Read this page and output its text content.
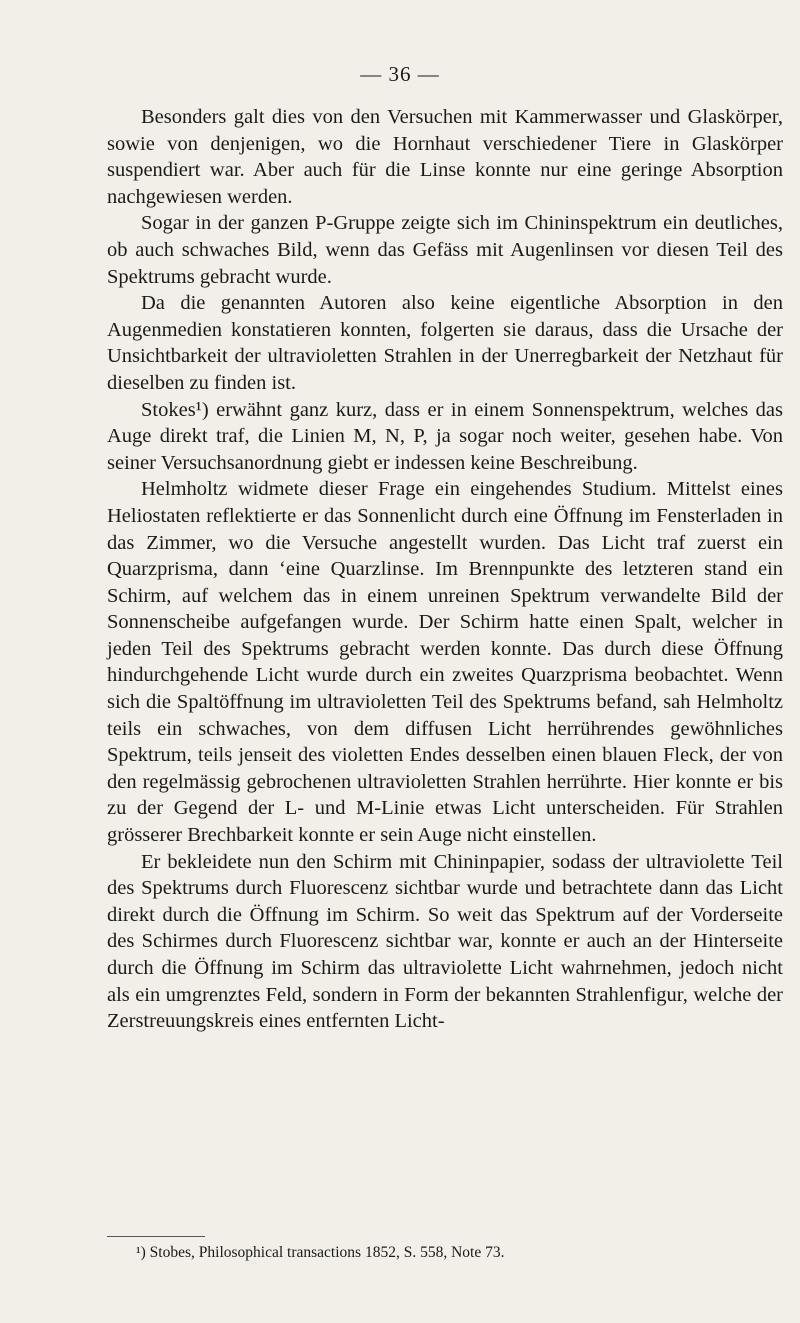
— 36 —

Besonders galt dies von den Versuchen mit Kammerwasser und Glaskörper, sowie von denjenigen, wo die Hornhaut verschiedener Tiere in Glaskörper suspendiert war. Aber auch für die Linse konnte nur eine geringe Absorption nachgewiesen werden.

Sogar in der ganzen P-Gruppe zeigte sich im Chininspektrum ein deutliches, ob auch schwaches Bild, wenn das Gefäss mit Augenlinsen vor diesen Teil des Spektrums gebracht wurde.

Da die genannten Autoren also keine eigentliche Absorption in den Augenmedien konstatieren konnten, folgerten sie daraus, dass die Ursache der Unsichtbarkeit der ultravioletten Strahlen in der Unerregbarkeit der Netzhaut für dieselben zu finden ist.

Stokes¹) erwähnt ganz kurz, dass er in einem Sonnenspektrum, welches das Auge direkt traf, die Linien M, N, P, ja sogar noch weiter, gesehen habe. Von seiner Versuchsanordnung giebt er indessen keine Beschreibung.

Helmholtz widmete dieser Frage ein eingehendes Studium. Mittelst eines Heliostaten reflektierte er das Sonnenlicht durch eine Öffnung im Fensterladen in das Zimmer, wo die Versuche angestellt wurden. Das Licht traf zuerst ein Quarzprisma, dann ‘eine Quarzlinse. Im Brennpunkte des letzteren stand ein Schirm, auf welchem das in einem unreinen Spektrum verwandelte Bild der Sonnenscheibe aufgefangen wurde. Der Schirm hatte einen Spalt, welcher in jeden Teil des Spektrums gebracht werden konnte. Das durch diese Öffnung hindurchgehende Licht wurde durch ein zweites Quarzprisma beobachtet. Wenn sich die Spaltöffnung im ultravioletten Teil des Spektrums befand, sah Helmholtz teils ein schwaches, von dem diffusen Licht herrührendes gewöhnliches Spektrum, teils jenseit des violetten Endes desselben einen blauen Fleck, der von den regelmässig gebrochenen ultravioletten Strahlen herrührte. Hier konnte er bis zu der Gegend der L- und M-Linie etwas Licht unterscheiden. Für Strahlen grösserer Brechbarkeit konnte er sein Auge nicht einstellen.

Er bekleidete nun den Schirm mit Chininpapier, sodass der ultraviolette Teil des Spektrums durch Fluorescenz sichtbar wurde und betrachtete dann das Licht direkt durch die Öffnung im Schirm. So weit das Spektrum auf der Vorderseite des Schirmes durch Fluorescenz sichtbar war, konnte er auch an der Hinterseite durch die Öffnung im Schirm das ultraviolette Licht wahrnehmen, jedoch nicht als ein umgrenztes Feld, sondern in Form der bekannten Strahlenfigur, welche der Zerstreuungskreis eines entfernten Licht-

¹) Stobes, Philosophical transactions 1852, S. 558, Note 73.
